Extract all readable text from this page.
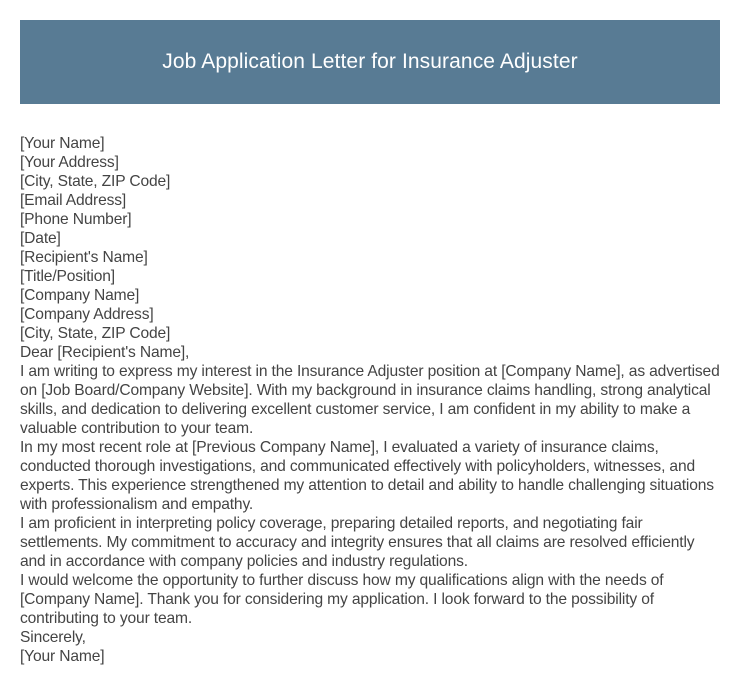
Job Application Letter for Insurance Adjuster

[Your Name]

[Your Address]

[City, State, ZIP Code]

[Email Address]

[Phone Number]

[Date]

[Recipient's Name]

[Title/Position]

[Company Name]

[Company Address]

[City, State, ZIP Code]

Dear [Recipient's Name],

I am writing to express my interest in the Insurance Adjuster position at [Company Name], as advertised on [Job Board/Company Website]. With my background in insurance claims handling, strong analytical skills, and dedication to delivering excellent customer service, I am confident in my ability to make a valuable contribution to your team.

In my most recent role at [Previous Company Name], I evaluated a variety of insurance claims, conducted thorough investigations, and communicated effectively with policyholders, witnesses, and experts. This experience strengthened my attention to detail and ability to handle challenging situations with professionalism and empathy.

I am proficient in interpreting policy coverage, preparing detailed reports, and negotiating fair settlements. My commitment to accuracy and integrity ensures that all claims are resolved efficiently and in accordance with company policies and industry regulations.

I would welcome the opportunity to further discuss how my qualifications align with the needs of [Company Name]. Thank you for considering my application. I look forward to the possibility of contributing to your team.

Sincerely,

[Your Name]
